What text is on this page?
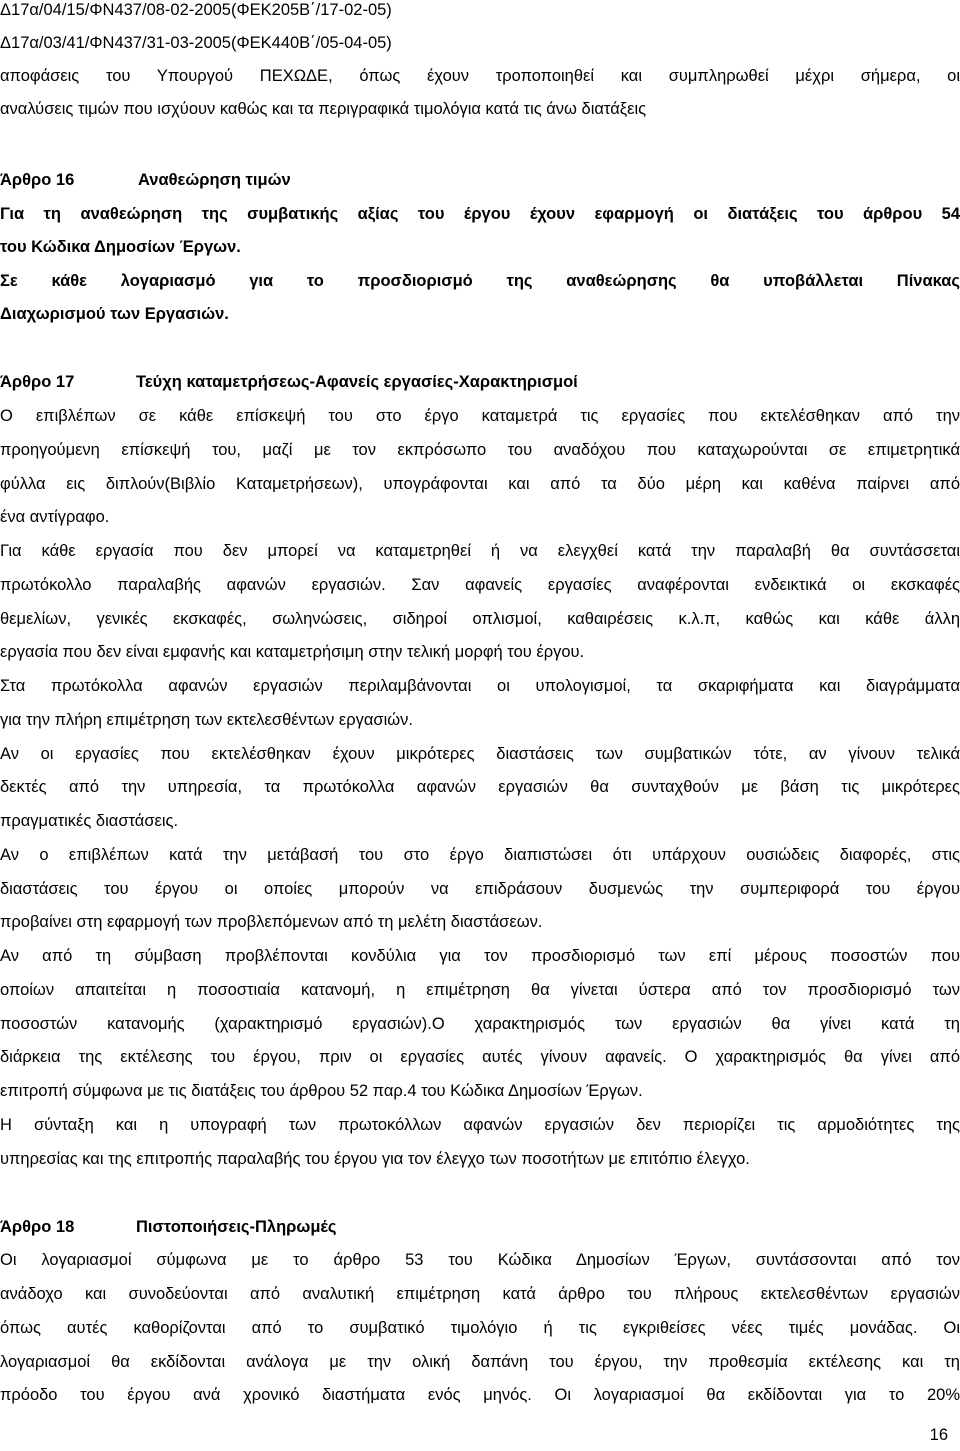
Δ17α/04/15/ΦΝ437/08-02-2005(ΦΕΚ205Β΄/17-02-05)
Δ17α/03/41/ΦΝ437/31-03-2005(ΦΕΚ440Β΄/05-04-05)
αποφάσεις του Υπουργού ΠΕΧΩΔΕ, όπως έχουν τροποποιηθεί και συμπληρωθεί μέχρι σήμερα, οι
αναλύσεις τιμών που ισχύουν καθώς και τα περιγραφικά τιμολόγια κατά τις άνω διατάξεις
Άρθρο 16	Αναθεώρηση τιμών
Για τη αναθεώρηση της συμβατικής αξίας του έργου έχουν εφαρμογή οι διατάξεις του άρθρου 54
του Κώδικα Δημοσίων Έργων.
Σε κάθε λογαριασμό για το προσδιορισμό της αναθεώρησης θα υποβάλλεται Πίνακας
Διαχωρισμού των Εργασιών.
Άρθρο 17	Τεύχη καταμετρήσεως-Αφανείς εργασίες-Χαρακτηρισμοί
Ο επιβλέπων σε κάθε επίσκεψή του στο έργο καταμετρά τις εργασίες που εκτελέσθηκαν από την
προηγούμενη επίσκεψή του, μαζί με τον εκπρόσωπο του αναδόχου που καταχωρούνται σε επιμετρητικά
φύλλα εις διπλούν(Βιβλίο Καταμετρήσεων), υπογράφονται και από τα δύο μέρη και καθένα παίρνει από
ένα αντίγραφο.
Για κάθε εργασία που δεν μπορεί να καταμετρηθεί ή να ελεγχθεί κατά την παραλαβή θα συντάσσεται
πρωτόκολλο παραλαβής αφανών εργασιών. Σαν αφανείς εργασίες αναφέρονται ενδεικτικά οι εκσκαφές
θεμελίων, γενικές εκσκαφές, σωληνώσεις, σιδηροί οπλισμοί, καθαιρέσεις κ.λ.π, καθώς και κάθε άλλη
εργασία που δεν είναι εμφανής και καταμετρήσιμη στην τελική μορφή του έργου.
Στα πρωτόκολλα αφανών εργασιών περιλαμβάνονται οι υπολογισμοί, τα σκαριφήματα και διαγράμματα
για την πλήρη επιμέτρηση των εκτελεσθέντων εργασιών.
Αν οι εργασίες που εκτελέσθηκαν έχουν μικρότερες διαστάσεις των συμβατικών τότε, αν γίνουν τελικά
δεκτές από την υπηρεσία, τα πρωτόκολλα αφανών εργασιών θα συνταχθούν με βάση τις μικρότερες
πραγματικές διαστάσεις.
Αν ο επιβλέπων κατά την μετάβασή του στο έργο διαπιστώσει ότι υπάρχουν ουσιώδεις διαφορές, στις
διαστάσεις του έργου οι οποίες μπορούν να επιδράσουν δυσμενώς την συμπεριφορά του έργου
προβαίνει στη εφαρμογή των προβλεπόμενων από τη μελέτη διαστάσεων.
Αν από τη σύμβαση προβλέπονται κονδύλια για τον προσδιορισμό των επί μέρους ποσοστών που
οποίων απαιτείται η ποσοστιαία κατανομή, η επιμέτρηση θα γίνεται ύστερα από τον προσδιορισμό των
ποσοστών κατανομής (χαρακτηρισμό εργασιών).Ο χαρακτηρισμός των εργασιών θα γίνει κατά τη
διάρκεια της εκτέλεσης του έργου, πριν οι εργασίες αυτές γίνουν αφανείς. Ο χαρακτηρισμός θα γίνει από
επιτροπή σύμφωνα με τις διατάξεις του άρθρου 52 παρ.4 του Κώδικα Δημοσίων Έργων.
Η σύνταξη και η υπογραφή των πρωτοκόλλων αφανών εργασιών δεν περιορίζει τις αρμοδιότητες της
υπηρεσίας και της επιτροπής παραλαβής του έργου για τον έλεγχο των ποσοτήτων με επιτόπιο έλεγχο.
Άρθρο 18	Πιστοποιήσεις-Πληρωμές
Οι λογαριασμοί σύμφωνα με το άρθρο 53 του Κώδικα Δημοσίων Έργων, συντάσσονται από τον
ανάδοχο και συνοδεύονται από αναλυτική επιμέτρηση κατά άρθρο του πλήρους εκτελεσθέντων εργασιών
όπως αυτές καθορίζονται από το συμβατικό τιμολόγιο ή τις εγκριθείσες νέες τιμές μονάδας. Οι
λογαριασμοί θα εκδίδονται ανάλογα με την ολική δαπάνη του έργου, την προθεσμία εκτέλεσης και τη
πρόοδο του έργου ανά χρονικό διαστήματα ενός μηνός. Οι λογαριασμοί θα εκδίδονται για το 20%
16
